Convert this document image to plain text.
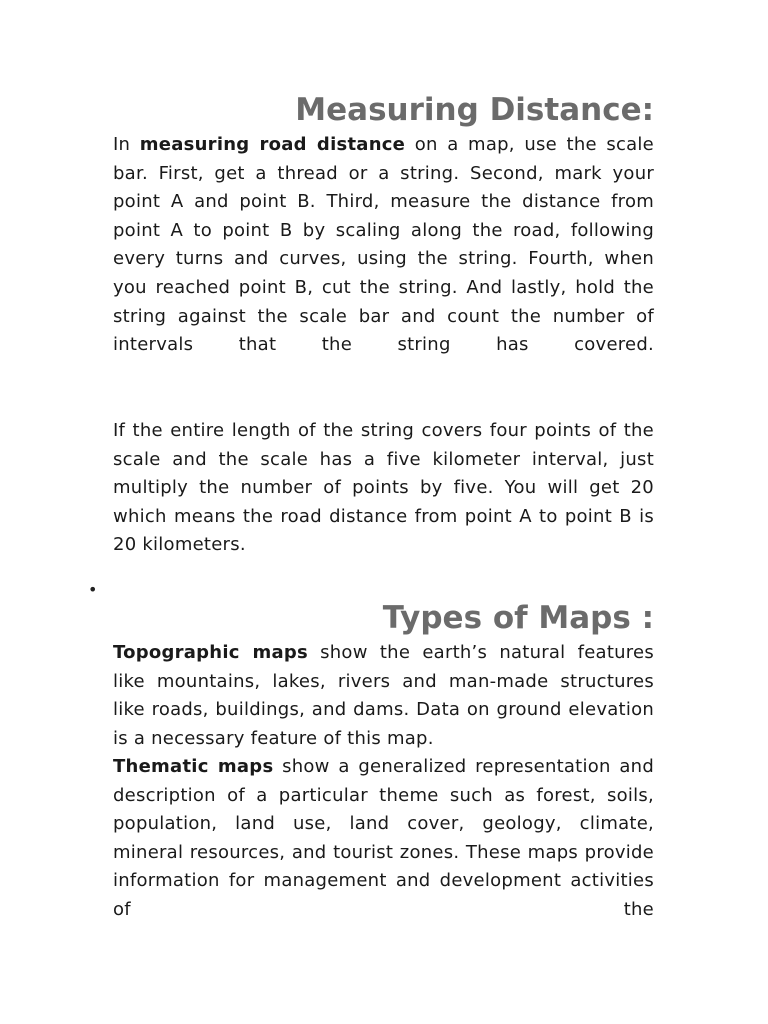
Measuring Distance:

In measuring road distance on a map, use the scale bar. First, get a thread or a string. Second, mark your point A and point B. Third, measure the distance from point A to point B by scaling along the road, following every turns and curves, using the string. Fourth, when you reached point B, cut the string. And lastly, hold the string against the scale bar and count the number of intervals that the string has covered.

If the entire length of the string covers four points of the scale and the scale has a five kilometer interval, just multiply the number of points by five. You will get 20 which means the road distance from point A to point B is 20 kilometers.

•
Types of Maps :

Topographic maps show the earth’s natural features like mountains, lakes, rivers and man-made structures like roads, buildings, and dams. Data on ground elevation is a necessary feature of this map.

Thematic maps show a generalized representation and description of a particular theme such as forest, soils, population, land use, land cover, geology, climate, mineral resources, and tourist zones. These maps provide information for management and development activities of the
